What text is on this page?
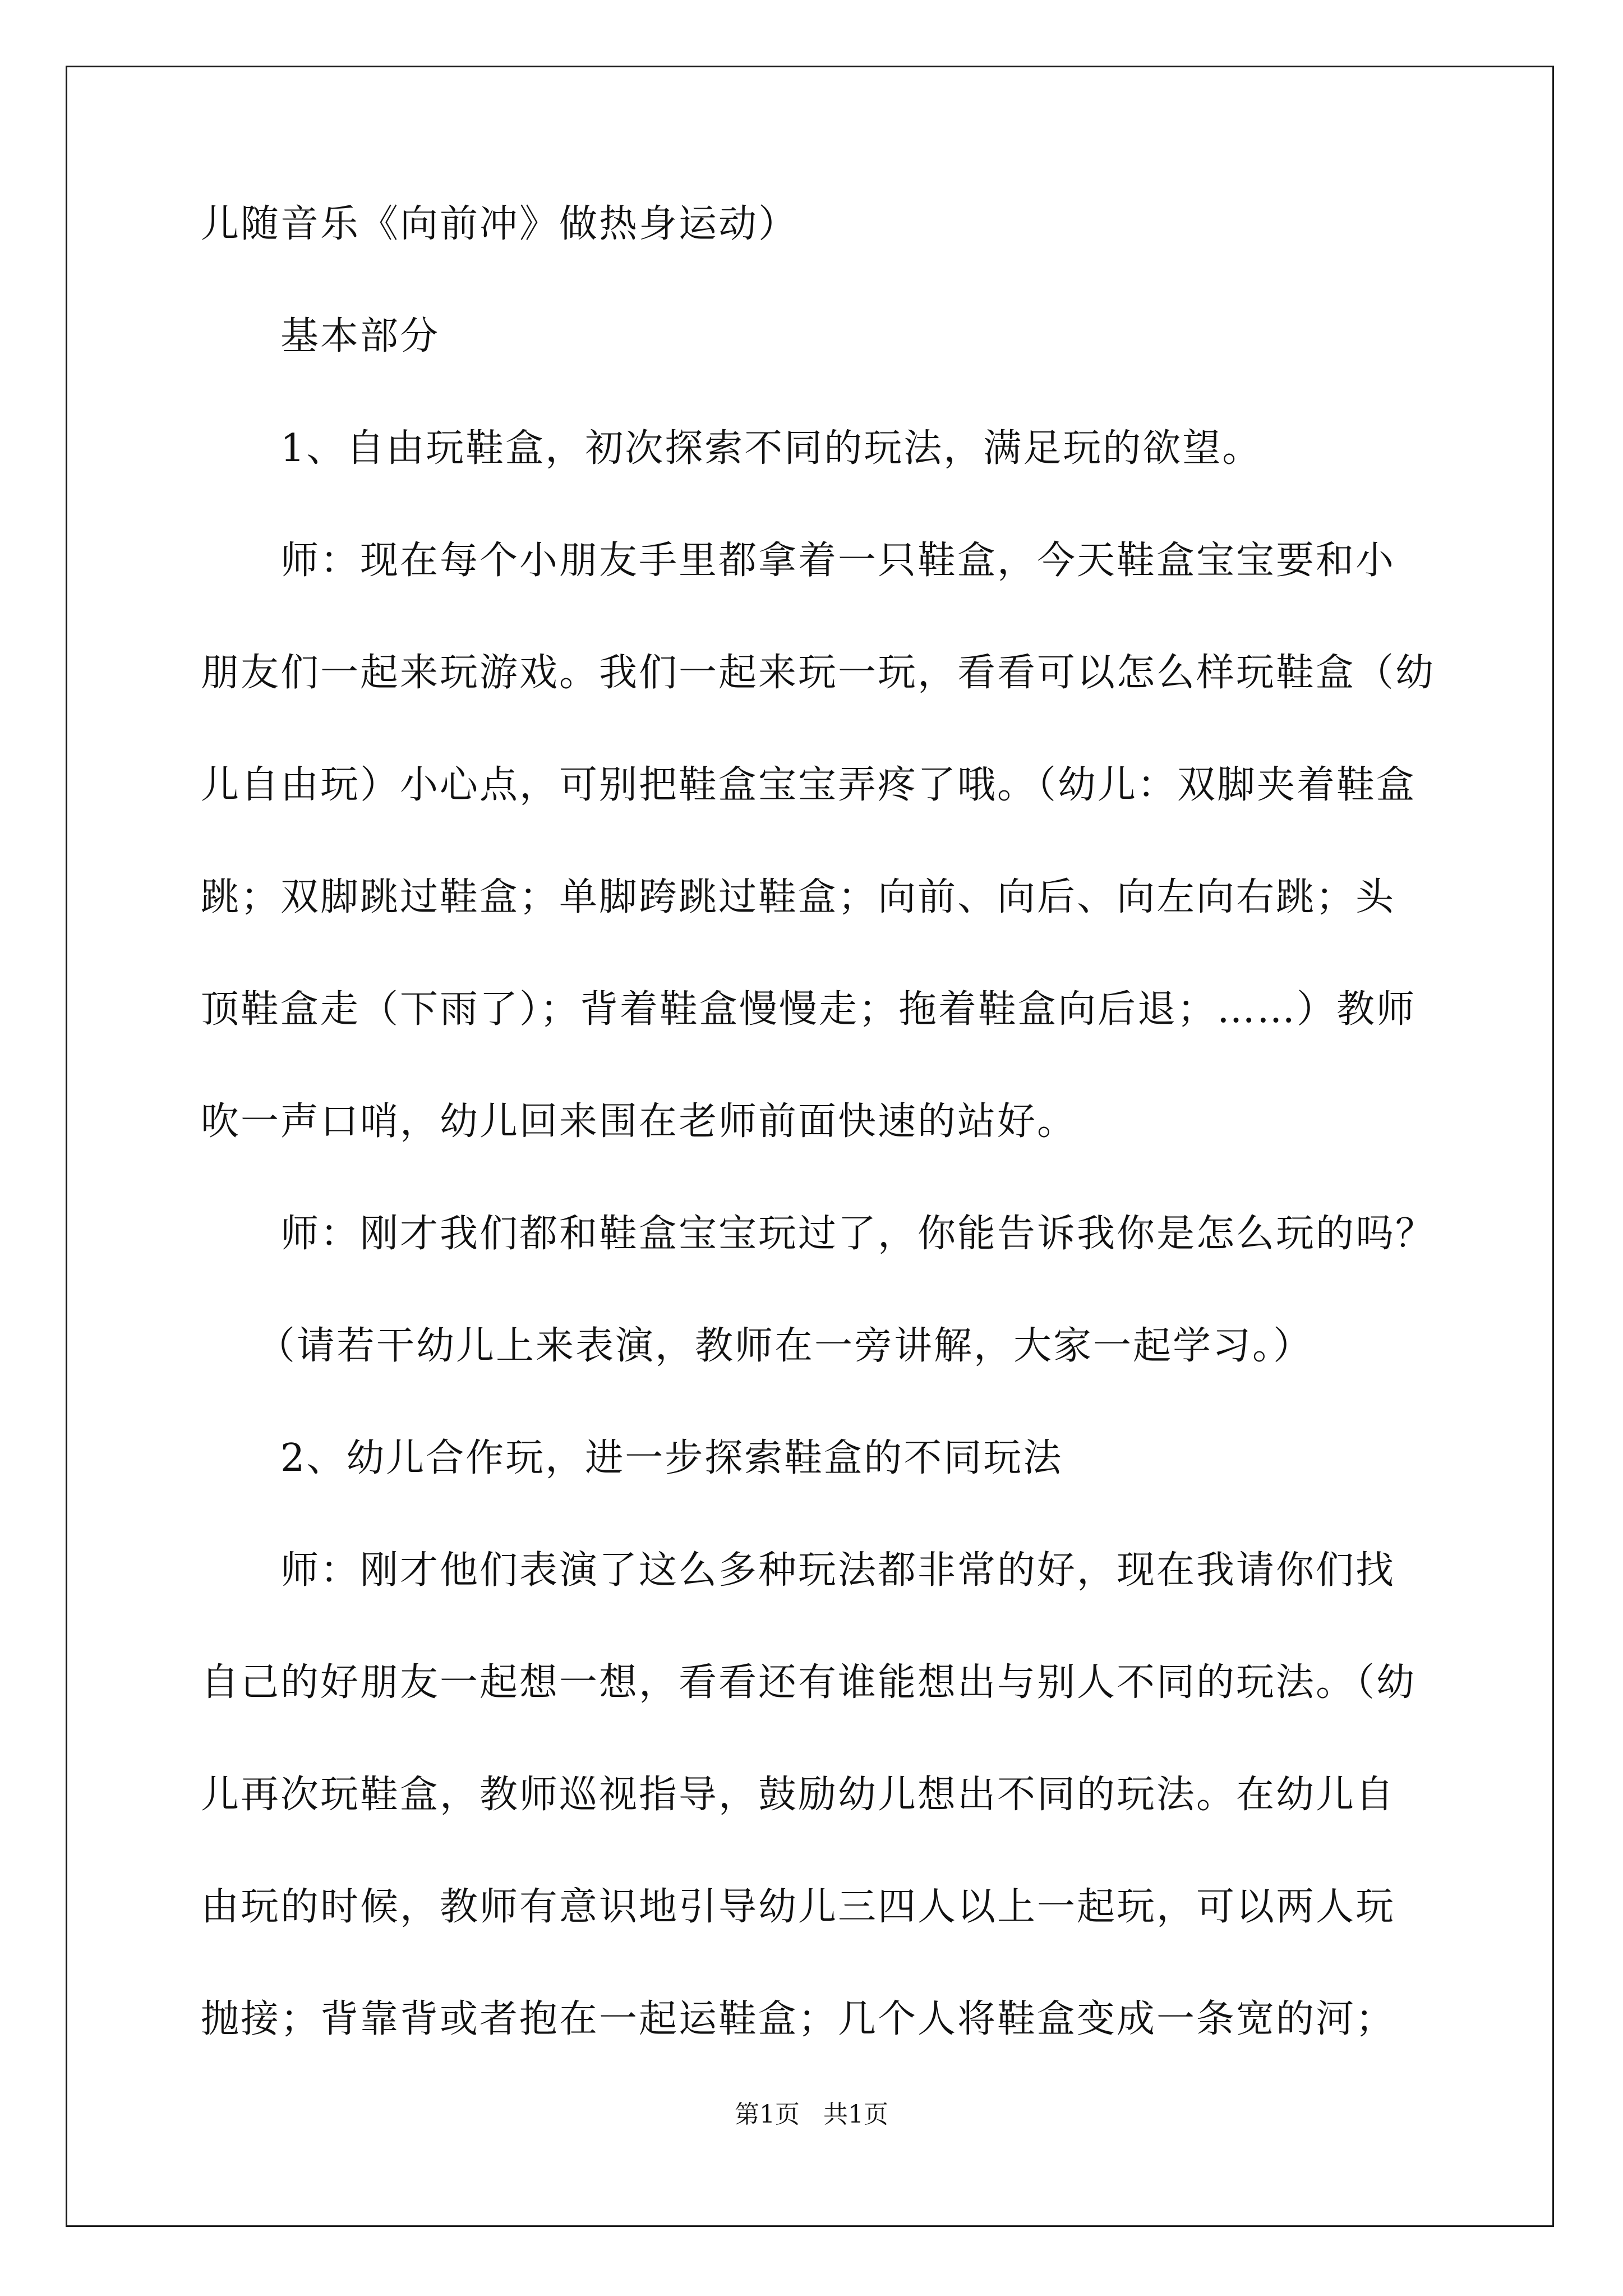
儿随音乐《向前冲》做热身运动）
基本部分
1、自由玩鞋盒，初次探索不同的玩法，满足玩的欲望。
师：现在每个小朋友手里都拿着一只鞋盒，今天鞋盒宝宝要和小
朋友们一起来玩游戏。我们一起来玩一玩，看看可以怎么样玩鞋盒（幼
儿自由玩）小心点，可别把鞋盒宝宝弄疼了哦。（幼儿：双脚夹着鞋盒
跳；双脚跳过鞋盒；单脚跨跳过鞋盒；向前、向后、向左向右跳；头
顶鞋盒走（下雨了）；背着鞋盒慢慢走；拖着鞋盒向后退；……）教师
吹一声口哨，幼儿回来围在老师前面快速的站好。
师：刚才我们都和鞋盒宝宝玩过了，你能告诉我你是怎么玩的吗？
（请若干幼儿上来表演，教师在一旁讲解，大家一起学习。）
2、幼儿合作玩，进一步探索鞋盒的不同玩法
师：刚才他们表演了这么多种玩法都非常的好，现在我请你们找
自己的好朋友一起想一想，看看还有谁能想出与别人不同的玩法。（幼
儿再次玩鞋盒，教师巡视指导，鼓励幼儿想出不同的玩法。在幼儿自
由玩的时候，教师有意识地引导幼儿三四人以上一起玩，可以两人玩
抛接；背靠背或者抱在一起运鞋盒；几个人将鞋盒变成一条宽的河；
第1页   共1页
